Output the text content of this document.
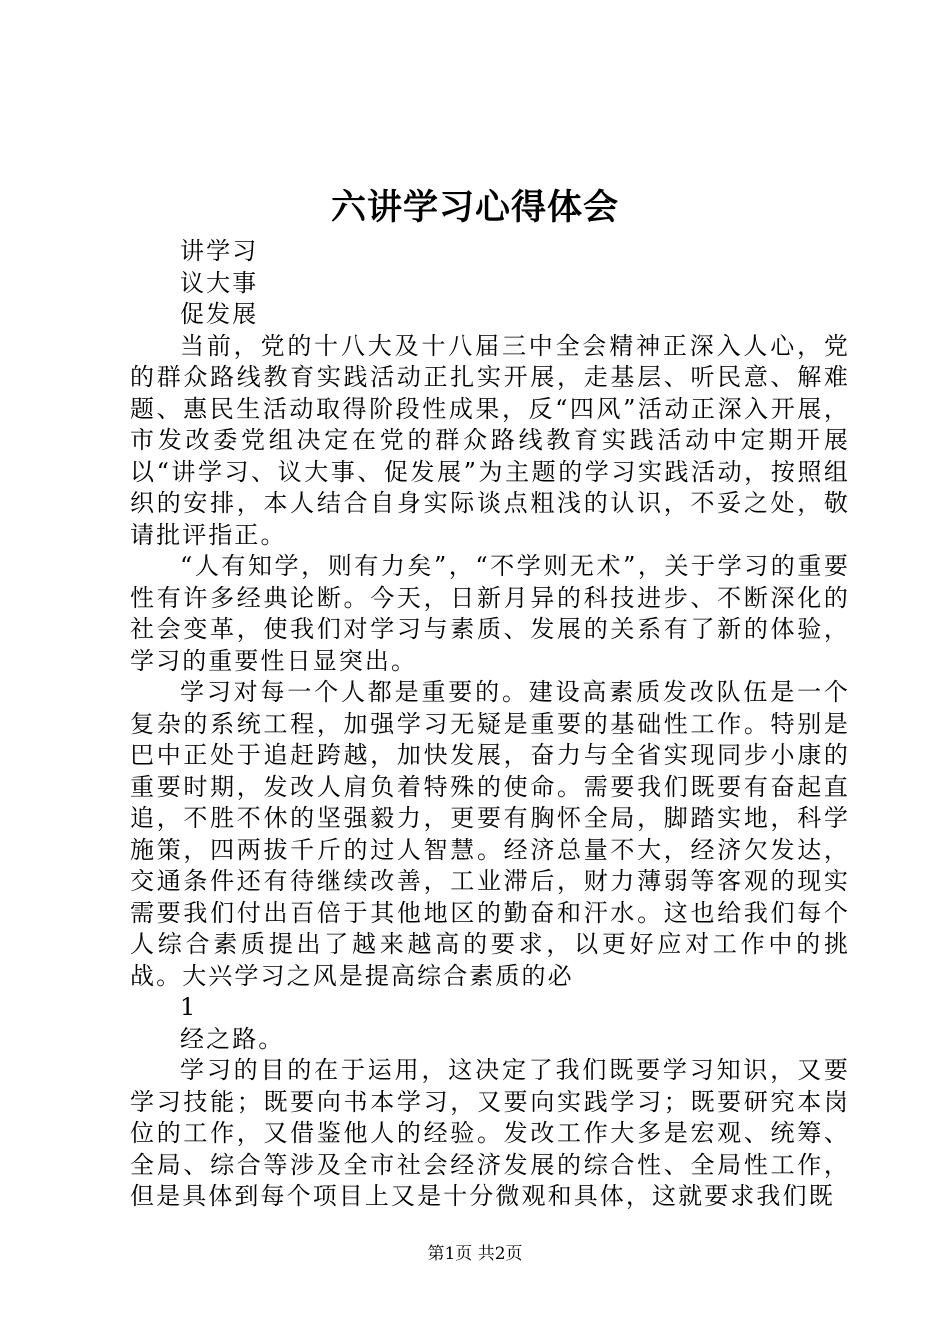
六讲学习心得体会

讲学习

议大事

促发展

当前，党的十八大及十八届三中全会精神正深入人心，党的群众路线教育实践活动正扎实开展，走基层、听民意、解难题、惠民生活动取得阶段性成果，反“四风”活动正深入开展，市发改委党组决定在党的群众路线教育实践活动中定期开展以“讲学习、议大事、促发展”为主题的学习实践活动，按照组织的安排，本人结合自身实际谈点粗浅的认识，不妥之处，敬请批评指正。

“人有知学，则有力矣”，“不学则无术”，关于学习的重要性有许多经典论断。今天，日新月异的科技进步、不断深化的社会变革，使我们对学习与素质、发展的关系有了新的体验，学习的重要性日显突出。

学习对每一个人都是重要的。建设高素质发改队伍是一个复杂的系统工程，加强学习无疑是重要的基础性工作。特别是巴中正处于追赶跨越，加快发展，奋力与全省实现同步小康的重要时期，发改人肩负着特殊的使命。需要我们既要有奋起直追，不胜不休的坚强毅力，更要有胸怀全局，脚踏实地，科学施策，四两拔千斤的过人智慧。经济总量不大，经济欠发达，交通条件还有待继续改善，工业滞后，财力薄弱等客观的现实需要我们付出百倍于其他地区的勤奋和汗水。这也给我们每个人综合素质提出了越来越高的要求，以更好应对工作中的挑战。大兴学习之风是提高综合素质的必

1

经之路。

学习的目的在于运用，这决定了我们既要学习知识，又要学习技能；既要向书本学习，又要向实践学习；既要研究本岗位的工作，又借鉴他人的经验。发改工作大多是宏观、统筹、全局、综合等涉及全市社会经济发展的综合性、全局性工作，但是具体到每个项目上又是十分微观和具体，这就要求我们既

第1页 共2页
